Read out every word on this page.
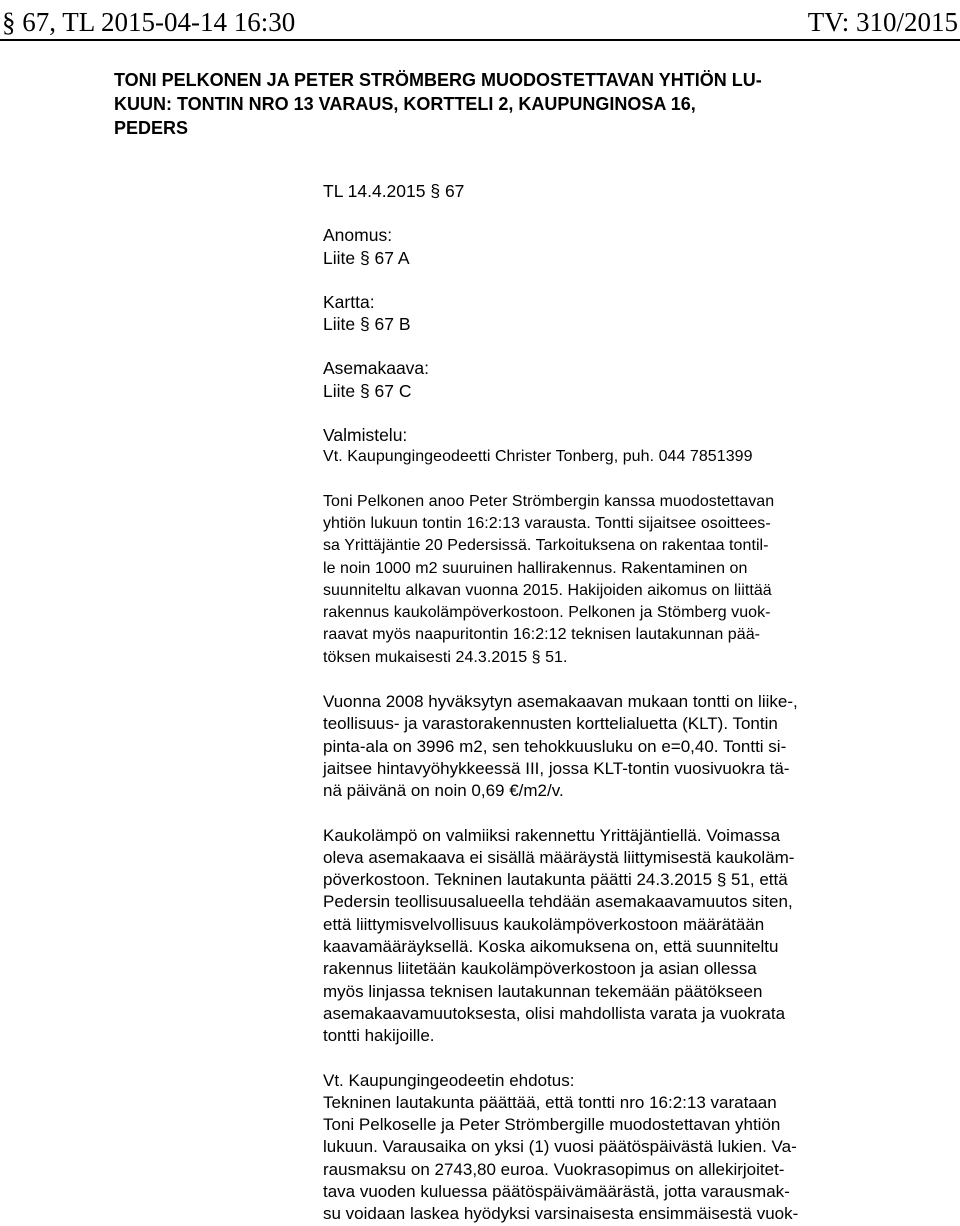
§ 67, TL 2015-04-14 16:30	TV: 310/2015
TONI PELKONEN JA PETER STRÖMBERG MUODOSTETTAVAN YHTIÖN LU-
KUUN: TONTIN NRO 13 VARAUS, KORTTELI 2, KAUPUNGINOSA 16,
PEDERS
TL 14.4.2015 § 67
Anomus:
Liite § 67 A
Kartta:
Liite § 67 B
Asemakaava:
Liite § 67 C
Valmistelu:
Vt. Kaupungingeodeetti Christer Tonberg, puh. 044 7851399
Toni Pelkonen anoo Peter Strömbergin kanssa muodostettavan
yhtiön lukuun tontin 16:2:13 varausta. Tontti sijaitsee osoittees-
sa Yrittäjäntie 20 Pedersissä. Tarkoituksena on rakentaa tontil-
le noin 1000 m2 suuruinen hallirakennus. Rakentaminen on
suunniteltu alkavan vuonna 2015. Hakijoiden aikomus on liittää
rakennus kaukolämpöverkostoon. Pelkonen ja Stömberg vuok-
raavat myös naapuritontin 16:2:12 teknisen lautakunnan pää-
töksen mukaisesti 24.3.2015 § 51.
Vuonna 2008 hyväksytyn asemakaavan mukaan tontti on liike-,
teollisuus- ja varastorakennusten korttelialuetta (KLT). Tontin
pinta-ala on 3996 m2, sen tehokkuusluku on e=0,40. Tontti si-
jaitsee hintavyöhykkeessä III, jossa KLT-tontin vuosivuokra tä-
nä päivänä on noin 0,69 €/m2/v.
Kaukolämpö on valmiiksi rakennettu Yrittäjäntiellä. Voimassa
oleva asemakaava ei sisällä määräystä liittymisestä kaukoläm-
pöverkostoon. Tekninen lautakunta päätti 24.3.2015 § 51, että
Pedersin teollisuusalueella tehdään asemakaavamuutos siten,
että liittymisvelvollisuus kaukolämpöverkostoon määrätään
kaavamääräyksellä. Koska aikomuksena on, että suunniteltu
rakennus liitetään kaukolämpöverkostoon ja asian ollessa
myös linjassa teknisen lautakunnan tekemään päätökseen
asemakaavamuutoksesta, olisi mahdollista varata ja vuokrata
tontti hakijoille.
Vt. Kaupungingeodeetin ehdotus:
Tekninen lautakunta päättää, että tontti nro 16:2:13 varataan
Toni Pelkoselle ja Peter Strömbergille muodostettavan yhtiön
lukuun. Varausaika on yksi (1) vuosi päätöspäivästä lukien. Va-
rausmaksu on 2743,80 euroa. Vuokrasopimus on allekirjoitet-
tava vuoden kuluessa päätöspäivämäärästä, jotta varausmak-
su voidaan laskea hyödyksi varsinaisesta ensimmäisestä vuok-
